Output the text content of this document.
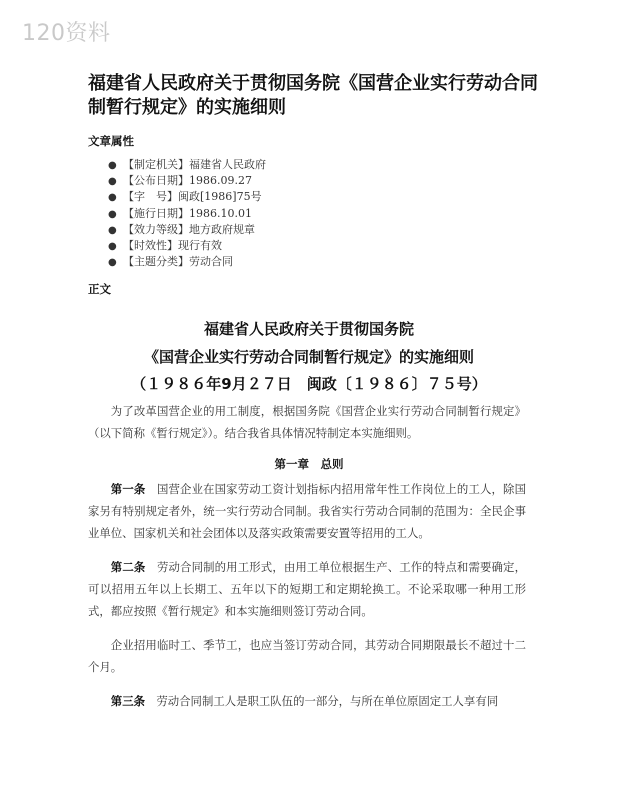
120资料
福建省人民政府关于贯彻国务院《国营企业实行劳动合同制暂行规定》的实施细则
文章属性
● 【制定机关】福建省人民政府
● 【公布日期】1986.09.27
● 【字　号】闽政[1986]75号
● 【施行日期】1986.10.01
● 【效力等级】地方政府规章
● 【时效性】现行有效
● 【主题分类】劳动合同
正文
福建省人民政府关于贯彻国务院
《国营企业实行劳动合同制暂行规定》的实施细则
（１９８６年9月２７日　闽政〔１９８６〕７５号）

为了改革国营企业的用工制度，根据国务院《国营企业实行劳动合同制暂行规定》（以下简称《暂行规定》）。结合我省具体情况特制定本实施细则。

第一章　总则

第一条　国营企业在国家劳动工资计划指标内招用常年性工作岗位上的工人，除国家另有特别规定者外，统一实行劳动合同制。我省实行劳动合同制的范围为：全民企事业单位、国家机关和社会团体以及落实政策需要安置等招用的工人。

第二条　劳动合同制的用工形式，由用工单位根据生产、工作的特点和需要确定，可以招用五年以上长期工、五年以下的短期工和定期轮换工。不论采取哪一种用工形式，都应按照《暂行规定》和本实施细则签订劳动合同。

企业招用临时工、季节工，也应当签订劳动合同，其劳动合同期限最长不超过十二个月。

第三条　劳动合同制工人是职工队伍的一部分，与所在单位原固定工人享有同
